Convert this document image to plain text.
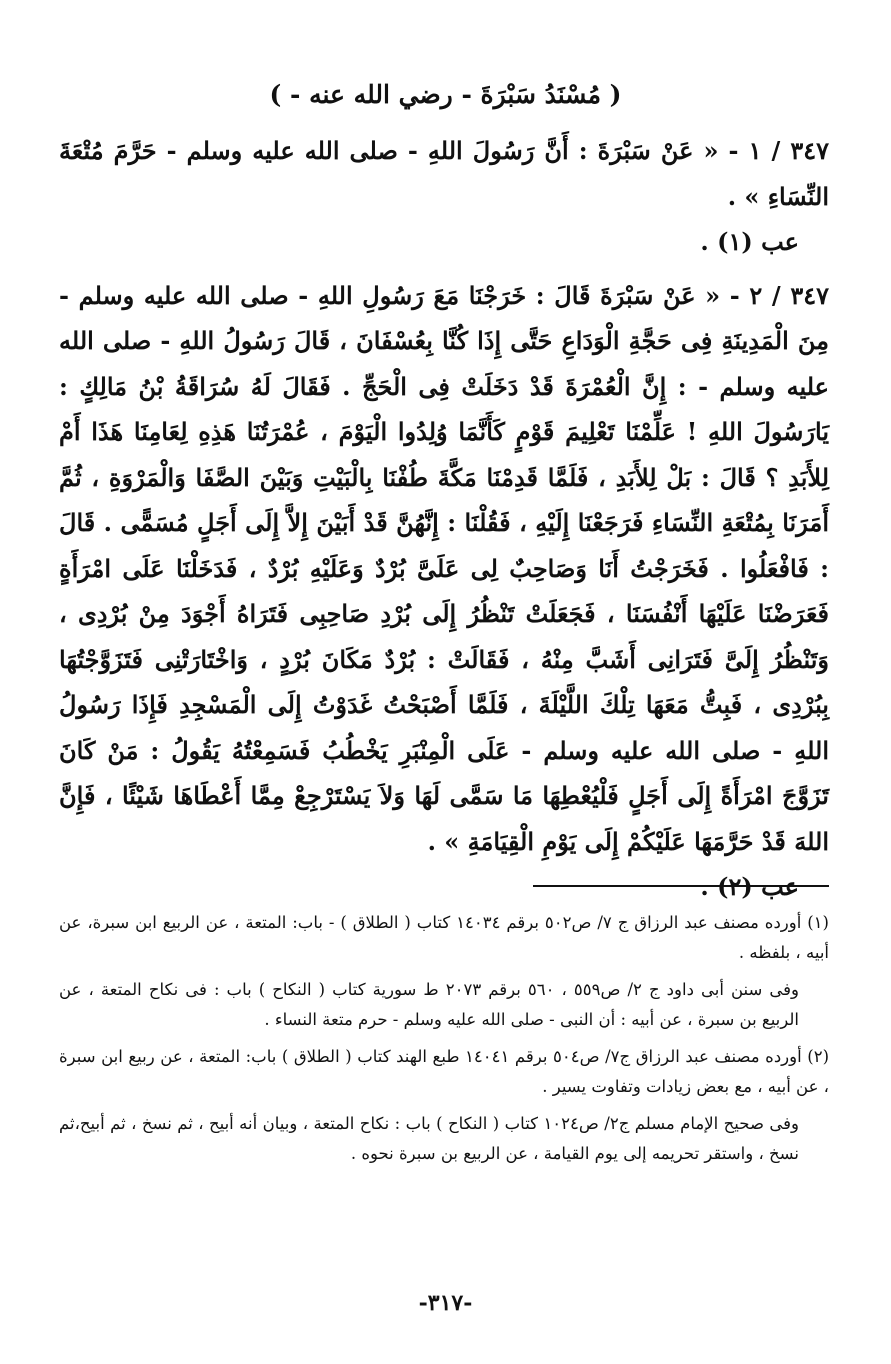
( مُسْنَدُ سَبْرَةَ - رضي الله عنه - )

٣٤٧ / ١ - « عَنْ سَبْرَةَ : أَنَّ رَسُولَ اللهِ - صلى الله عليه وسلم - حَرَّمَ مُتْعَةَ النِّسَاءِ » .

عب (١) .

٣٤٧ / ٢ - « عَنْ سَبْرَةَ قَالَ : خَرَجْنَا مَعَ رَسُولِ اللهِ - صلى الله عليه وسلم - مِنَ الْمَدِينَةِ فِى حَجَّةِ الْوَدَاعِ حَتَّى إِذَا كُنَّا بِعُسْفَانَ ، قَالَ رَسُولُ اللهِ - صلى الله عليه وسلم - : إِنَّ الْعُمْرَةَ قَدْ دَخَلَتْ فِى الْحَجِّ . فَقَالَ لَهُ سُرَاقَةُ بْنُ مَالِكٍ : يَارَسُولَ اللهِ ! عَلِّمْنَا تَعْلِيمَ قَوْمٍ كَأَنَّمَا وُلِدُوا الْيَوْمَ ، عُمْرَتُنَا هَذِهِ لِعَامِنَا هَذَا أَمْ لِلأَبَدِ ؟ قَالَ : بَلْ لِلأَبَدِ ، فَلَمَّا قَدِمْنَا مَكَّةَ طُفْنَا بِالْبَيْتِ وَبَيْنَ الصَّفَا وَالْمَرْوَةِ ، ثُمَّ أَمَرَنَا بِمُتْعَةِ النِّسَاءِ فَرَجَعْنَا إِلَيْهِ ، فَقُلْنَا : إِنَّهُنَّ قَدْ أَبَيْنَ إِلاَّ إِلَى أَجَلٍ مُسَمًّى . قَالَ : فَافْعَلُوا . فَخَرَجْتُ أَنَا وَصَاحِبٌ لِى عَلَىَّ بُرْدٌ وَعَلَيْهِ بُرْدٌ ، فَدَخَلْنَا عَلَى امْرَأَةٍ فَعَرَضْنَا عَلَيْهَا أَنْفُسَنَا ، فَجَعَلَتْ تَنْظُرُ إِلَى بُرْدِ صَاحِبِى فَتَرَاهُ أَجْوَدَ مِنْ بُرْدِى ، وَتَنْظُرُ إِلَىَّ فَتَرَانِى أَشَبَّ مِنْهُ ، فَقَالَتْ : بُرْدٌ مَكَانَ بُرْدٍ ، وَاخْتَارَتْنِى فَتَزَوَّجْتُهَا بِبُرْدِى ، فَبِتُّ مَعَهَا تِلْكَ اللَّيْلَةَ ، فَلَمَّا أَصْبَحْتُ غَدَوْتُ إِلَى الْمَسْجِدِ فَإِذَا رَسُولُ اللهِ - صلى الله عليه وسلم - عَلَى الْمِنْبَرِ يَخْطُبُ فَسَمِعْتُهُ يَقُولُ : مَنْ كَانَ تَزَوَّجَ امْرَأَةً إِلَى أَجَلٍ فَلْيُعْطِهَا مَا سَمَّى لَهَا وَلاَ يَسْتَرْجِعْ مِمَّا أَعْطَاهَا شَيْئًا ، فَإِنَّ اللهَ قَدْ حَرَّمَهَا عَلَيْكُمْ إِلَى يَوْمِ الْقِيَامَةِ » .

عب (٢) .

(١) أورده مصنف عبد الرزاق ج ٧/ ص٥٠٢ برقم ١٤٠٣٤ كتاب ( الطلاق ) - باب: المتعة ، عن الربيع ابن سبرة، عن أبيه ، بلفظه .

وفى سنن أبى داود ج ٢/ ص٥٥٩ ، ٥٦٠ برقم ٢٠٧٣ ط سورية كتاب ( النكاح ) باب : فى نكاح المتعة ، عن الربيع بن سبرة ، عن أبيه : أن النبى - صلى الله عليه وسلم - حرم متعة النساء .

(٢) أورده مصنف عبد الرزاق ج٧/ ص٥٠٤ برقم ١٤٠٤١ طبع الهند كتاب ( الطلاق ) باب: المتعة ، عن ربيع ابن سبرة ، عن أبيه ، مع بعض زيادات وتفاوت يسير .

وفى صحيح الإمام مسلم ج٢/ ص١٠٢٤ كتاب ( النكاح ) باب : نكاح المتعة ، وبيان أنه أبيح ، ثم نسخ ، ثم أبيح،ثم نسخ ، واستقر تحريمه إلى يوم القيامة ، عن الربيع بن سبرة نحوه .

-٣١٧-
